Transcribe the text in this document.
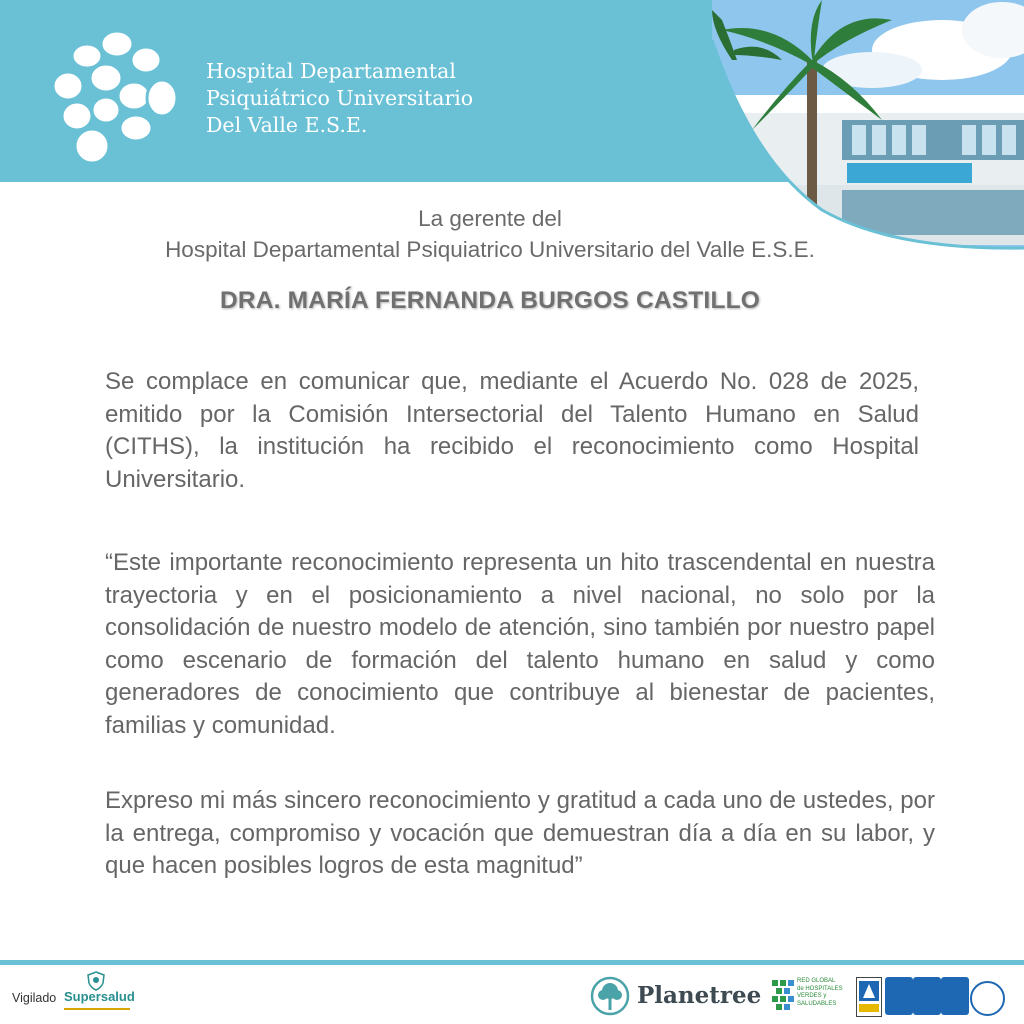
Hospital Departamental
Psiquiátrico Universitario
Del Valle E.S.E.
La gerente del
Hospital Departamental Psiquiatrico Universitario del Valle E.S.E.
DRA. MARÍA FERNANDA BURGOS CASTILLO
Se complace en comunicar que, mediante el Acuerdo No. 028 de 2025, emitido por la Comisión Intersectorial del Talento Humano en Salud (CITHS), la institución ha recibido el reconocimiento como Hospital Universitario.
“Este importante reconocimiento representa un hito trascendental en nuestra trayectoria y en el posicionamiento a nivel nacional, no solo por la consolidación de nuestro modelo de atención, sino también por nuestro papel como escenario de formación del talento humano en salud y como generadores de conocimiento que contribuye al bienestar de pacientes, familias y comunidad.
Expreso mi más sincero reconocimiento y gratitud a cada uno de ustedes, por la entrega, compromiso y vocación que demuestran día a día en su labor, y que hacen posibles logros de esta magnitud”
Vigilado Supersalud	Planetree
RED GLOBAL
de HOSPITALES
VERDES y
SALUDABLES
